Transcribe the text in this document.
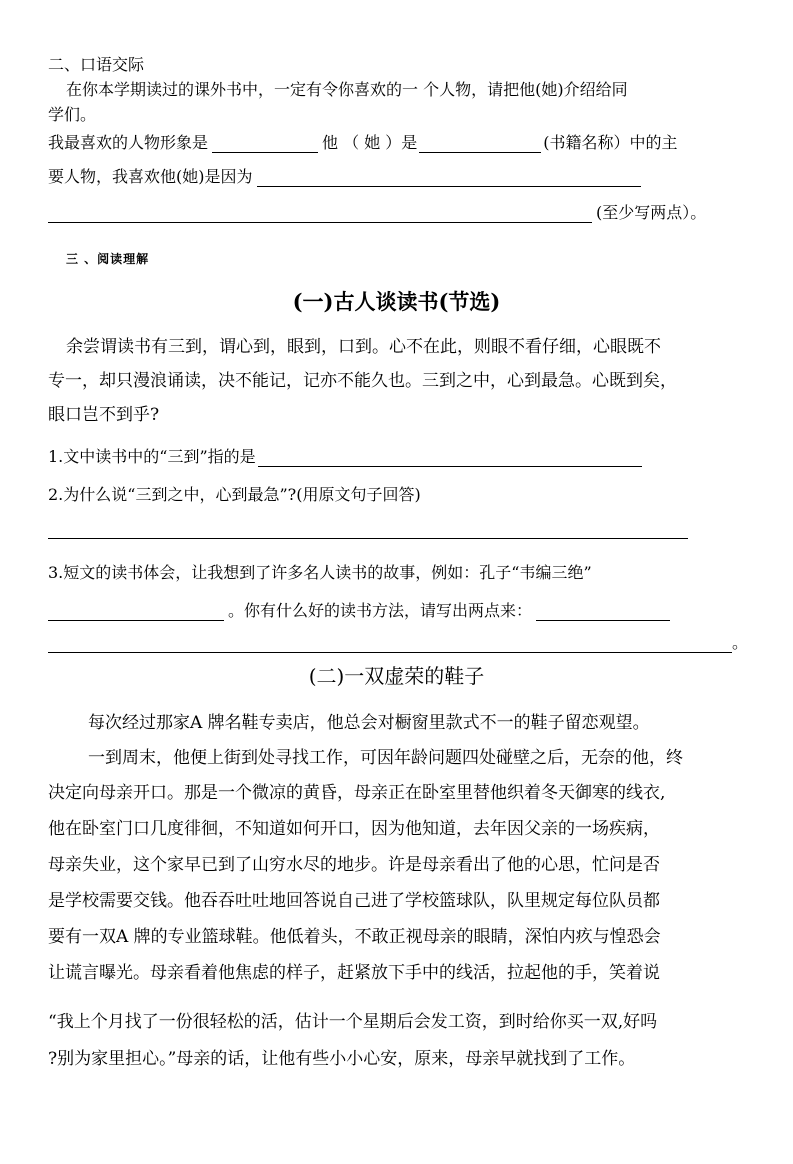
二、口语交际
在你本学期读过的课外书中，一定有令你喜欢的一 个人物，请把他(她)介绍给同
学们。
我最喜欢的人物形象是	他 （ 她 ）是	(书籍名称）中的主
要人物，我喜欢他(她)是因为
(至少写两点）。
三 、阅读理解
(一)古人谈读书(节选)
余尝谓读书有三到，谓心到，眼到，口到。心不在此，则眼不看仔细，心眼既不
专一，却只漫浪诵读，决不能记，记亦不能久也。三到之中，心到最急。心既到矣，
眼口岂不到乎?
1.文中读书中的“三到”指的是
2.为什么说“三到之中，心到最急”?(用原文句子回答)
3.短文的读书体会，让我想到了许多名人读书的故事，例如：孔子“韦编三绝”
。你有什么好的读书方法，请写出两点来：
。
(二)一双虚荣的鞋子
每次经过那家A 牌名鞋专卖店，他总会对橱窗里款式不一的鞋子留恋观望。
一到周末，他便上街到处寻找工作，可因年龄问题四处碰壁之后，无奈的他，终
决定向母亲开口。那是一个微凉的黄昏，母亲正在卧室里替他织着冬天御寒的线衣,
他在卧室门口几度徘徊，不知道如何开口，因为他知道，去年因父亲的一场疾病，
母亲失业，这个家早已到了山穷水尽的地步。许是母亲看出了他的心思，忙问是否
是学校需要交钱。他吞吞吐吐地回答说自己进了学校篮球队，队里规定每位队员都
要有一双A 牌的专业篮球鞋。他低着头，不敢正视母亲的眼睛，深怕内疚与惶恐会
让谎言曝光。母亲看着他焦虑的样子，赶紧放下手中的线活，拉起他的手，笑着说
“我上个月找了一份很轻松的活，估计一个星期后会发工资，到时给你买一双,好吗
?别为家里担心。”母亲的话，让他有些小小心安，原来，母亲早就找到了工作。
